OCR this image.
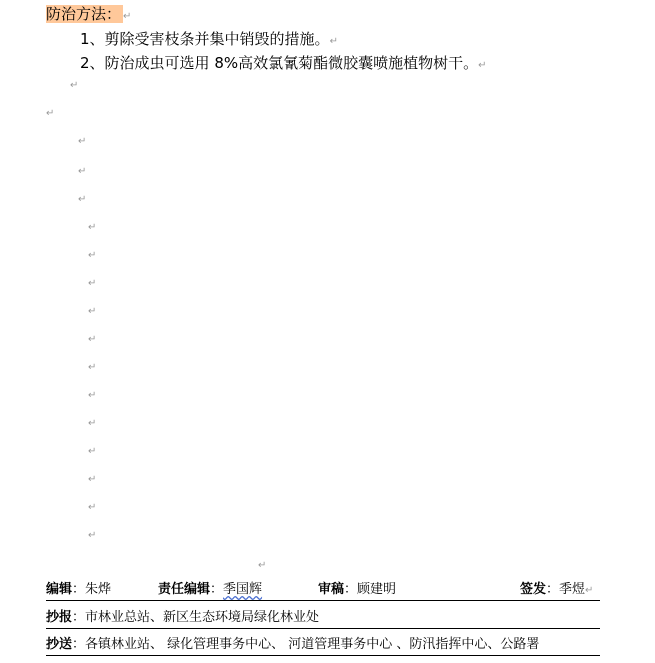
防治方法： ↵
1、剪除受害枝条并集中销毁的措施。↵
2、防治成虫可选用 8%高效氯氰菊酯微胶囊喷施植物树干。↵
↵
↵
↵
↵
↵
↵
↵
↵
↵
↵
↵
↵
↵
↵
↵
↵
↵
↵
编辑：朱烨	责任编辑：季国辉	审稿：顾建明	签发：季煜↵
抄报：市林业总站、新区生态环境局绿化林业处
抄送：各镇林业站、 绿化管理事务中心、 河道管理事务中心 、防汛指挥中心、公路署
